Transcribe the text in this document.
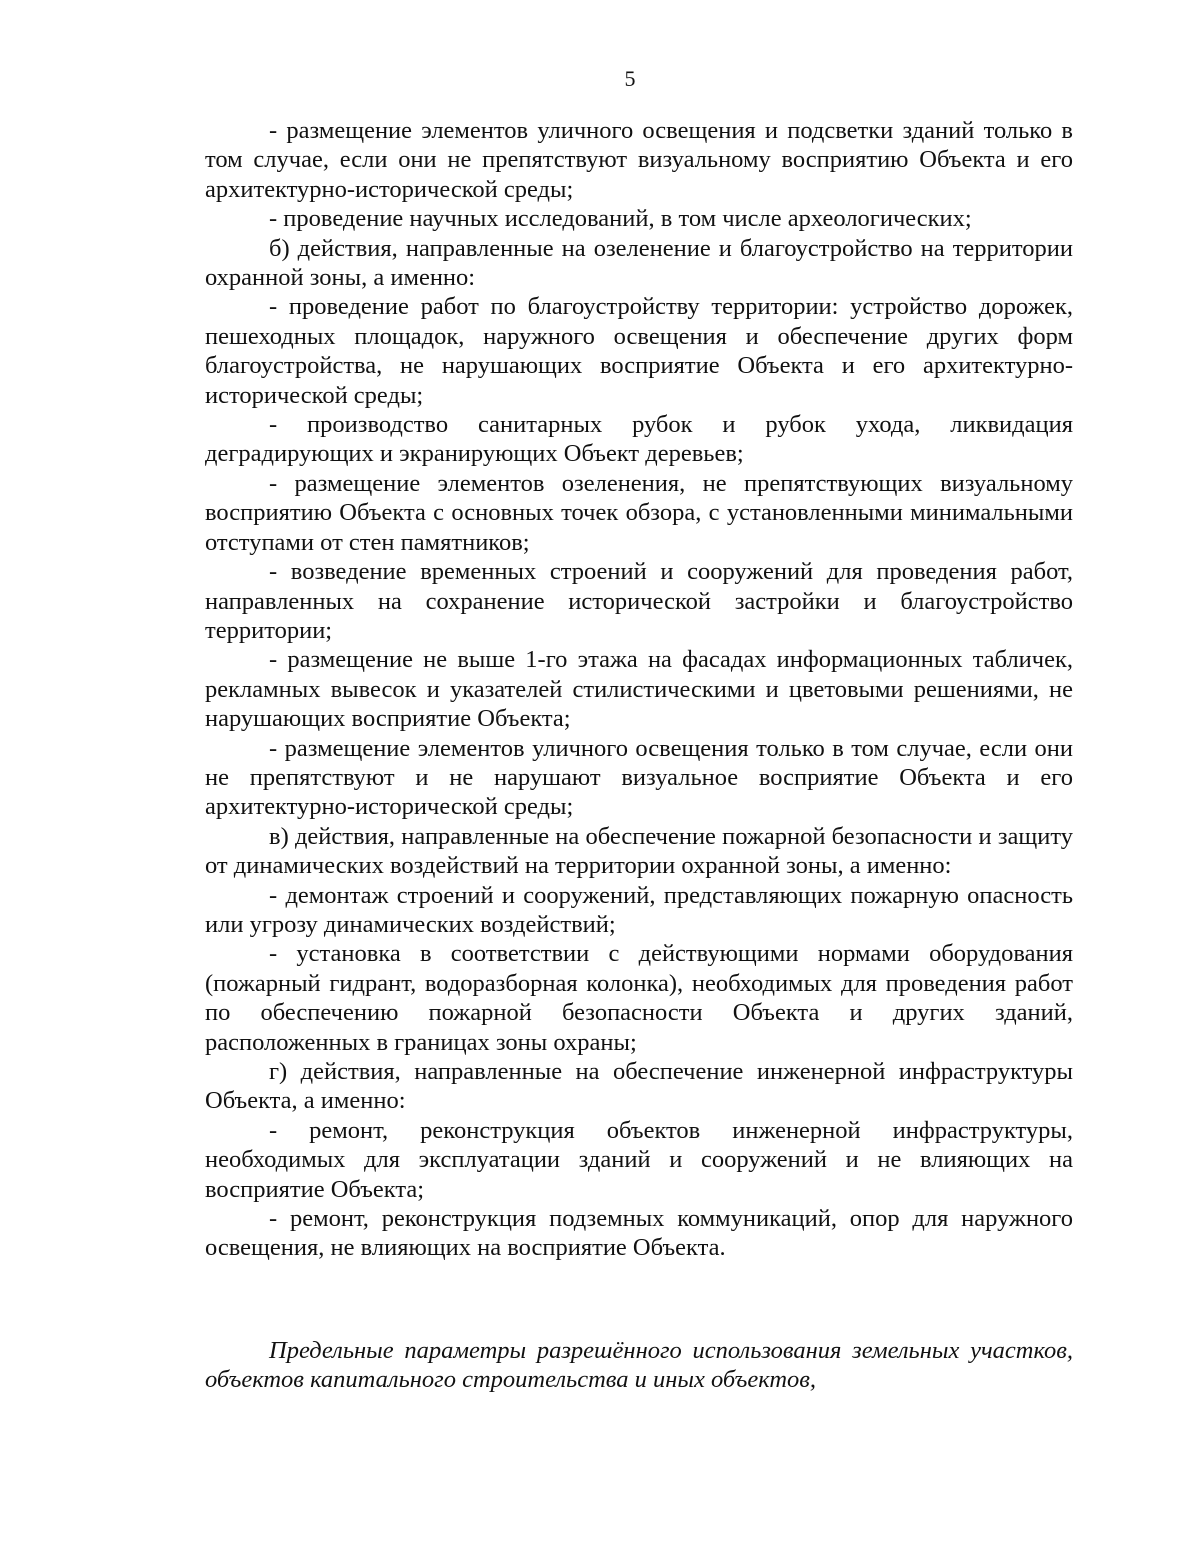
5

- размещение элементов уличного освещения и подсветки зданий только в том случае, если они не препятствуют визуальному восприятию Объекта и его архитектурно-исторической среды;

- проведение научных исследований, в том числе археологических;

б) действия, направленные на озеленение и благоустройство на территории охранной зоны, а именно:

- проведение работ по благоустройству территории: устройство дорожек, пешеходных площадок, наружного освещения и обеспечение других форм благоустройства, не нарушающих восприятие Объекта и его архитектурно-исторической среды;

- производство санитарных рубок и рубок ухода, ликвидация деградирующих и экранирующих Объект деревьев;

- размещение элементов озеленения, не препятствующих визуальному восприятию Объекта с основных точек обзора, с установленными минимальными отступами от стен памятников;

- возведение временных строений и сооружений для проведения работ, направленных на сохранение исторической застройки и благоустройство территории;

- размещение не выше 1-го этажа на фасадах информационных табличек, рекламных вывесок и указателей стилистическими и цветовыми решениями, не нарушающих восприятие Объекта;

- размещение элементов уличного освещения только в том случае, если они не препятствуют и не нарушают визуальное восприятие Объекта и его архитектурно-исторической среды;

в) действия, направленные на обеспечение пожарной безопасности и защиту от динамических воздействий на территории охранной зоны, а именно:

- демонтаж строений и сооружений, представляющих пожарную опасность или угрозу динамических воздействий;

- установка в соответствии с действующими нормами оборудования (пожарный гидрант, водоразборная колонка), необходимых для проведения работ по обеспечению пожарной безопасности Объекта и других зданий, расположенных в границах зоны охраны;

г) действия, направленные на обеспечение инженерной инфраструктуры Объекта, а именно:

- ремонт, реконструкция объектов инженерной инфраструктуры, необходимых для эксплуатации зданий и сооружений и не влияющих на восприятие Объекта;

- ремонт, реконструкция подземных коммуникаций, опор для наружного освещения, не влияющих на восприятие Объекта.

Предельные параметры разрешённого использования земельных участков, объектов капитального строительства и иных объектов,
